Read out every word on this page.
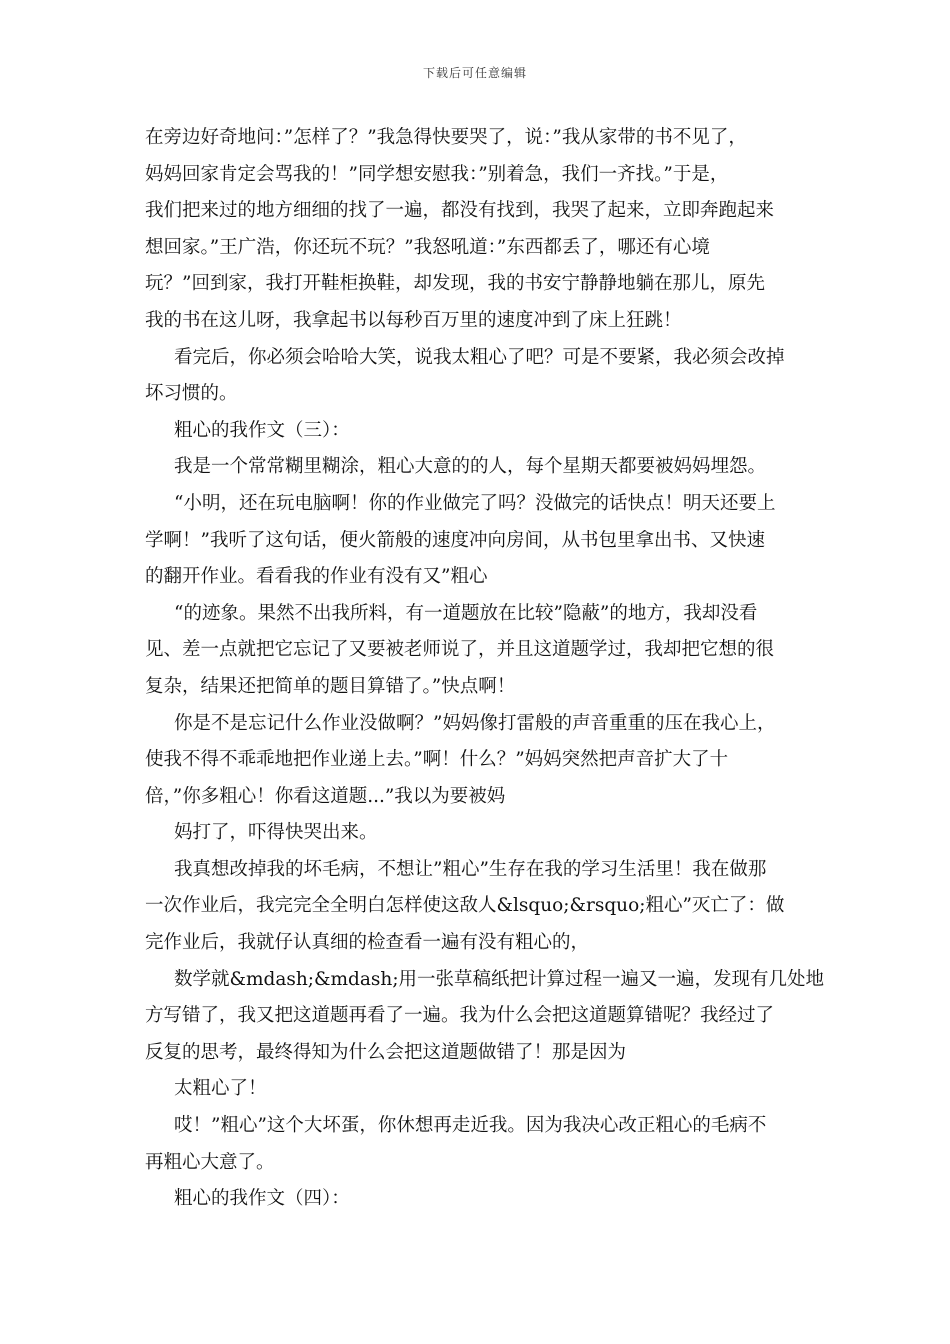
下载后可任意编辑
在旁边好奇地问：”怎样了？”我急得快要哭了，说：”我从家带的书不见了，
妈妈回家肯定会骂我的！”同学想安慰我：”别着急，我们一齐找。”于是，
我们把来过的地方细细的找了一遍，都没有找到，我哭了起来，立即奔跑起来
想回家。”王广浩，你还玩不玩？”我怒吼道：”东西都丢了，哪还有心境
玩？”回到家，我打开鞋柜换鞋，却发现，我的书安宁静静地躺在那儿，原先
我的书在这儿呀，我拿起书以每秒百万里的速度冲到了床上狂跳！
看完后，你必须会哈哈大笑，说我太粗心了吧？可是不要紧，我必须会改掉
坏习惯的。
粗心的我作文（三）：
我是一个常常糊里糊涂，粗心大意的的人，每个星期天都要被妈妈埋怨。
“小明，还在玩电脑啊！你的作业做完了吗？没做完的话快点！明天还要上
学啊！”我听了这句话，便火箭般的速度冲向房间，从书包里拿出书、又快速
的翻开作业。看看我的作业有没有又”粗心
“的迹象。果然不出我所料，有一道题放在比较”隐蔽”的地方，我却没看
见、差一点就把它忘记了又要被老师说了，并且这道题学过，我却把它想的很
复杂，结果还把简单的题目算错了。”快点啊！
你是不是忘记什么作业没做啊？”妈妈像打雷般的声音重重的压在我心上，
使我不得不乖乖地把作业递上去。”啊！什么？”妈妈突然把声音扩大了十
倍，”你多粗心！你看这道题...”我以为要被妈
妈打了，吓得快哭出来。
我真想改掉我的坏毛病，不想让”粗心”生存在我的学习生活里！我在做那
一次作业后，我完完全全明白怎样使这敌人&lsquo;&rsquo;粗心”灭亡了：做
完作业后，我就仔认真细的检查看一遍有没有粗心的，
数学就&mdash;&mdash;用一张草稿纸把计算过程一遍又一遍，发现有几处地
方写错了，我又把这道题再看了一遍。我为什么会把这道题算错呢？我经过了
反复的思考，最终得知为什么会把这道题做错了！那是因为
太粗心了！
哎！”粗心”这个大坏蛋，你休想再走近我。因为我决心改正粗心的毛病不
再粗心大意了。
粗心的我作文（四）：
